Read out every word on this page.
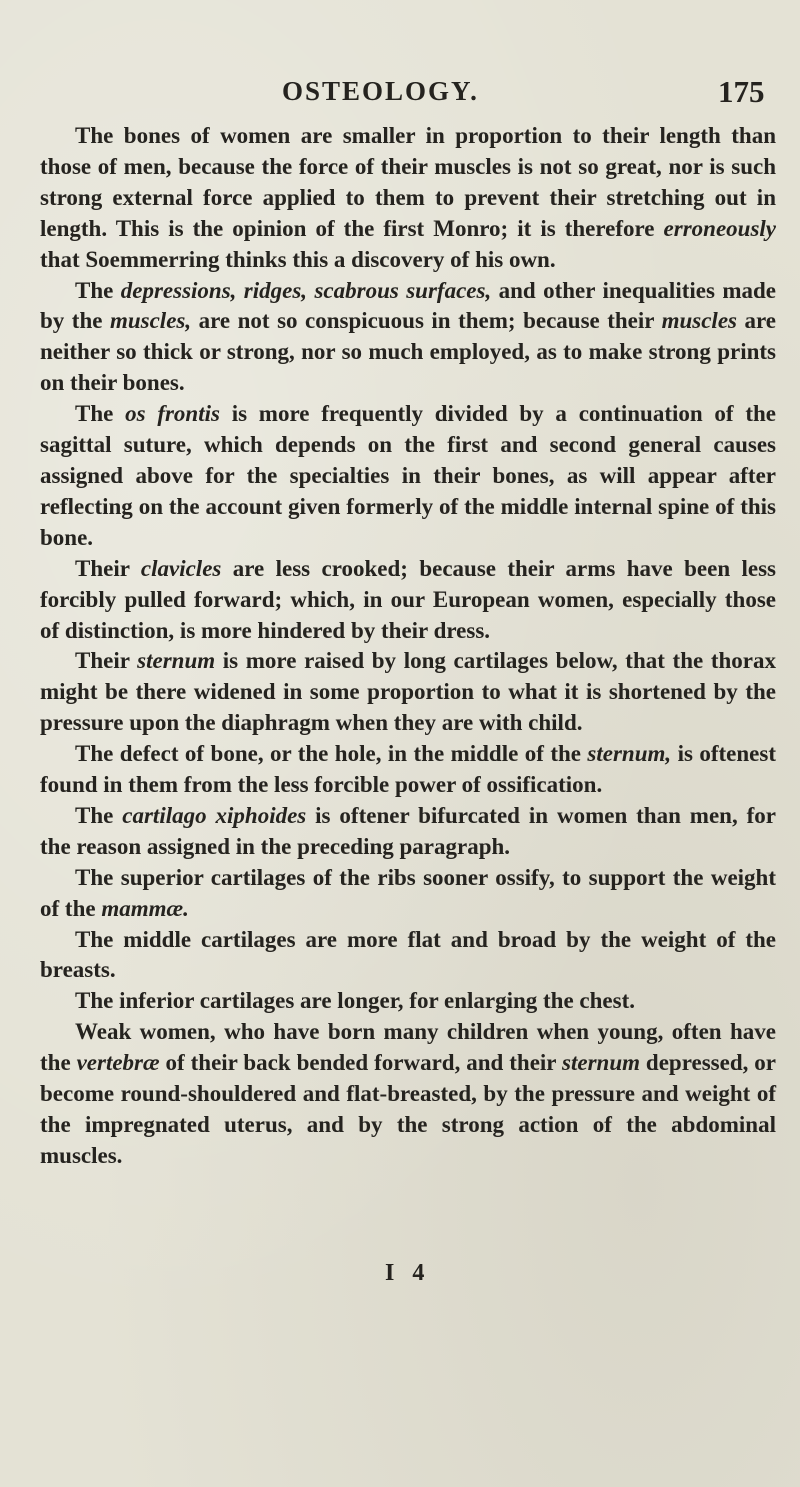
OSTEOLOGY.	175

The bones of women are smaller in proportion to their length than those of men, because the force of their muscles is not so great, nor is such strong external force applied to them to prevent their stretching out in length. This is the opinion of the first Monro; it is therefore erroneously that Soemmerring thinks this a discovery of his own.

The depressions, ridges, scabrous surfaces, and other inequalities made by the muscles, are not so conspicuous in them; because their muscles are neither so thick or strong, nor so much employed, as to make strong prints on their bones.

The os frontis is more frequently divided by a continuation of the sagittal suture, which depends on the first and second general causes assigned above for the specialties in their bones, as will appear after reflecting on the account given formerly of the middle internal spine of this bone.

Their clavicles are less crooked; because their arms have been less forcibly pulled forward; which, in our European women, especially those of distinction, is more hindered by their dress.

Their sternum is more raised by long cartilages below, that the thorax might be there widened in some proportion to what it is shortened by the pressure upon the diaphragm when they are with child.

The defect of bone, or the hole, in the middle of the sternum, is oftenest found in them from the less forcible power of ossification.

The cartilago xiphoides is oftener bifurcated in women than men, for the reason assigned in the preceding paragraph.

The superior cartilages of the ribs sooner ossify, to support the weight of the mammæ.

The middle cartilages are more flat and broad by the weight of the breasts.

The inferior cartilages are longer, for enlarging the chest.

Weak women, who have born many children when young, often have the vertebræ of their back bended forward, and their sternum depressed, or become round-shouldered and flat-breasted, by the pressure and weight of the impregnated uterus, and by the strong action of the abdominal muscles.

I 4
